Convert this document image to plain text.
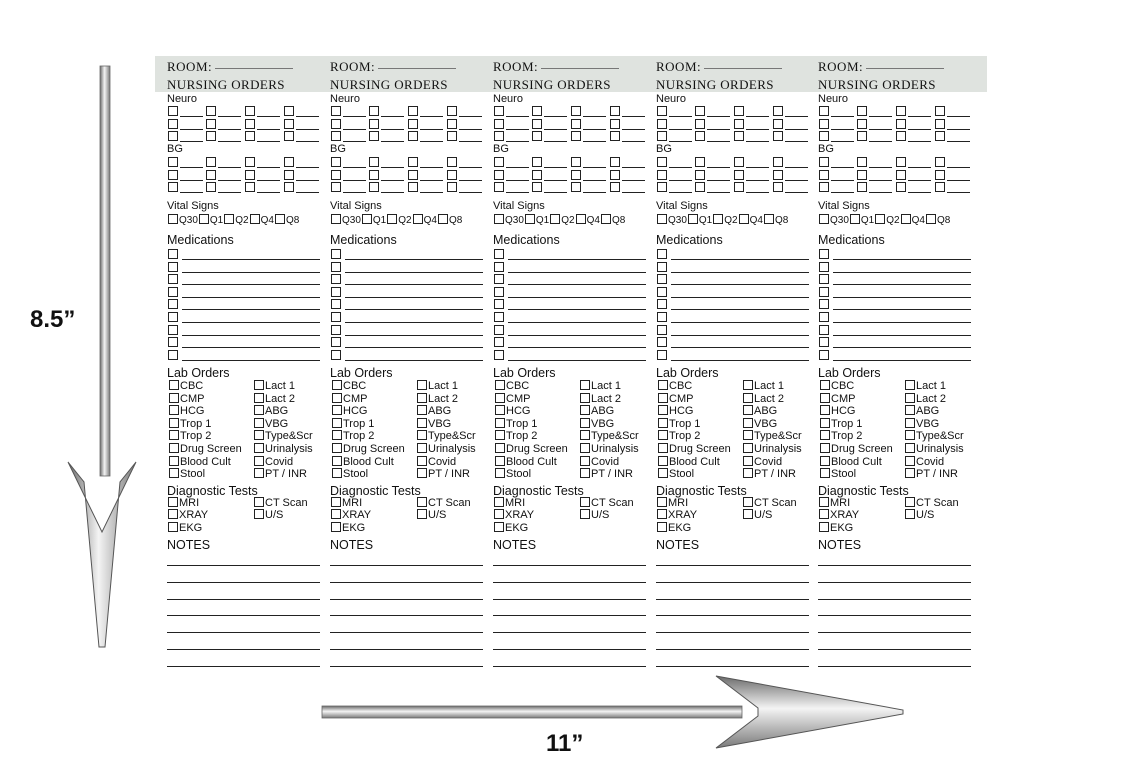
8.5”
11”
ROOM:
NURSING ORDERS
Neuro
BG
Vital Signs
Q30 Q1 Q2 Q4 Q8
Medications
Lab Orders
CBC
CMP
HCG
Trop 1
Trop 2
Drug Screen
Blood Cult
Stool
Lact 1
Lact 2
ABG
VBG
Type&Scr
Urinalysis
Covid
PT / INR
Diagnostic Tests
MRI
XRAY
EKG
CT Scan
U/S
NOTES
ROOM:
NURSING ORDERS
Neuro
BG
Vital Signs
Q30 Q1 Q2 Q4 Q8
Medications
Lab Orders
CBC
CMP
HCG
Trop 1
Trop 2
Drug Screen
Blood Cult
Stool
Lact 1
Lact 2
ABG
VBG
Type&Scr
Urinalysis
Covid
PT / INR
Diagnostic Tests
MRI
XRAY
EKG
CT Scan
U/S
NOTES
ROOM:
NURSING ORDERS
Neuro
BG
Vital Signs
Q30 Q1 Q2 Q4 Q8
Medications
Lab Orders
CBC
CMP
HCG
Trop 1
Trop 2
Drug Screen
Blood Cult
Stool
Lact 1
Lact 2
ABG
VBG
Type&Scr
Urinalysis
Covid
PT / INR
Diagnostic Tests
MRI
XRAY
EKG
CT Scan
U/S
NOTES
ROOM:
NURSING ORDERS
Neuro
BG
Vital Signs
Q30 Q1 Q2 Q4 Q8
Medications
Lab Orders
CBC
CMP
HCG
Trop 1
Trop 2
Drug Screen
Blood Cult
Stool
Lact 1
Lact 2
ABG
VBG
Type&Scr
Urinalysis
Covid
PT / INR
Diagnostic Tests
MRI
XRAY
EKG
CT Scan
U/S
NOTES
ROOM:
NURSING ORDERS
Neuro
BG
Vital Signs
Q30 Q1 Q2 Q4 Q8
Medications
Lab Orders
CBC
CMP
HCG
Trop 1
Trop 2
Drug Screen
Blood Cult
Stool
Lact 1
Lact 2
ABG
VBG
Type&Scr
Urinalysis
Covid
PT / INR
Diagnostic Tests
MRI
XRAY
EKG
CT Scan
U/S
NOTES
